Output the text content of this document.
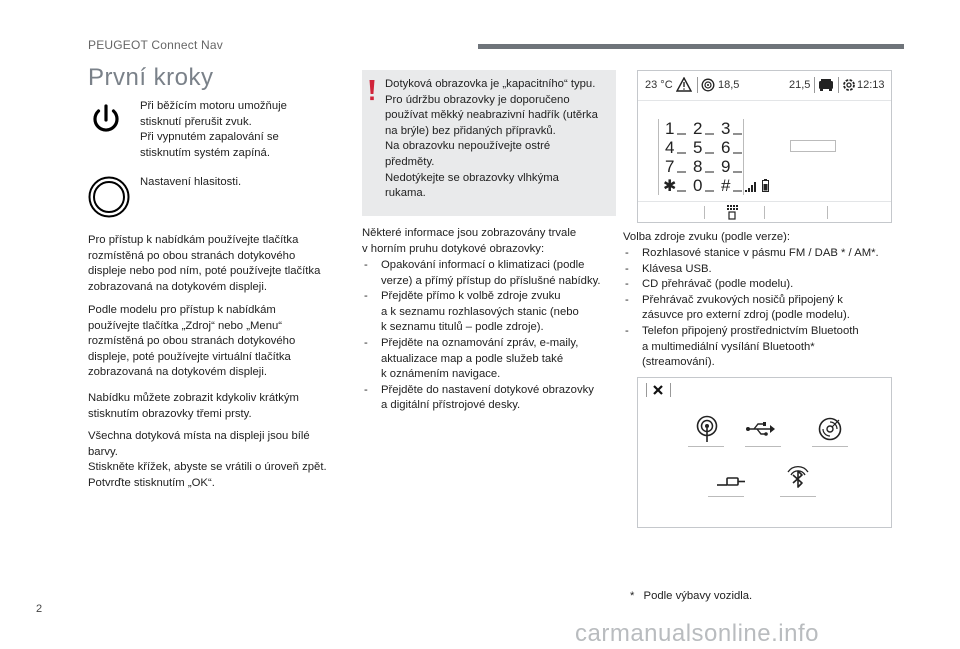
PEUGEOT Connect Nav
První kroky

Při běžícím motoru umožňuje

stisknutí přerušit zvuk.

Při vypnutém zapalování se

stisknutím systém zapíná.

Nastavení hlasitosti.

Pro přístup k nabídkám používejte tlačítka

rozmístěná po obou stranách dotykového

displeje nebo pod ním, poté používejte tlačítka

zobrazovaná na dotykovém displeji.

Podle modelu pro přístup k nabídkám

používejte tlačítka „Zdroj“ nebo „Menu“

rozmístěná po obou stranách dotykového

displeje, poté používejte virtuální tlačítka

zobrazovaná na dotykovém displeji.

Nabídku můžete zobrazit kdykoliv krátkým

stisknutím obrazovky třemi prsty.

Všechna dotyková místa na displeji jsou bílé

barvy.

Stiskněte křížek, abyste se vrátili o úroveň zpět.

Potvrďte stisknutím „OK“.

Dotyková obrazovka je „kapacitního“ typu.

Pro údržbu obrazovky je doporučeno

používat měkký neabrazivní hadřík (utěrka

na brýle) bez přidaných přípravků.

Na obrazovku nepoužívejte ostré

předměty.

Nedotýkejte se obrazovky vlhkýma

rukama.

Některé informace jsou zobrazovány trvale

v horním pruhu dotykové obrazovky:

- Opakování informací o klimatizaci (podle
verze) a přímý přístup do příslušné nabídky.
- Přejděte přímo k volbě zdroje zvuku
a k seznamu rozhlasových stanic (nebo
k seznamu titulů – podle zdroje).
- Přejděte na oznamování zpráv, e-maily,
aktualizace map a podle služeb také
k oznámením navigace.
- Přejděte do nastavení dotykové obrazovky
a digitální přístrojové desky.
23 °C	18,5	21,5	12:13
1 2 3
4 5 6
7 8 9
✱ 0 #

Volba zdroje zvuku (podle verze):

- Rozhlasové stanice v pásmu FM / DAB * / AM*.
- Klávesa USB.
- CD přehrávač (podle modelu).
- Přehrávač zvukových nosičů připojený k
zásuvce pro externí zdroj (podle modelu).
- Telefon připojený prostřednictvím Bluetooth
a multimediální vysílání Bluetooth*
(streamování).
* Podle výbavy vozidla.
2
carmanualsonline.info
